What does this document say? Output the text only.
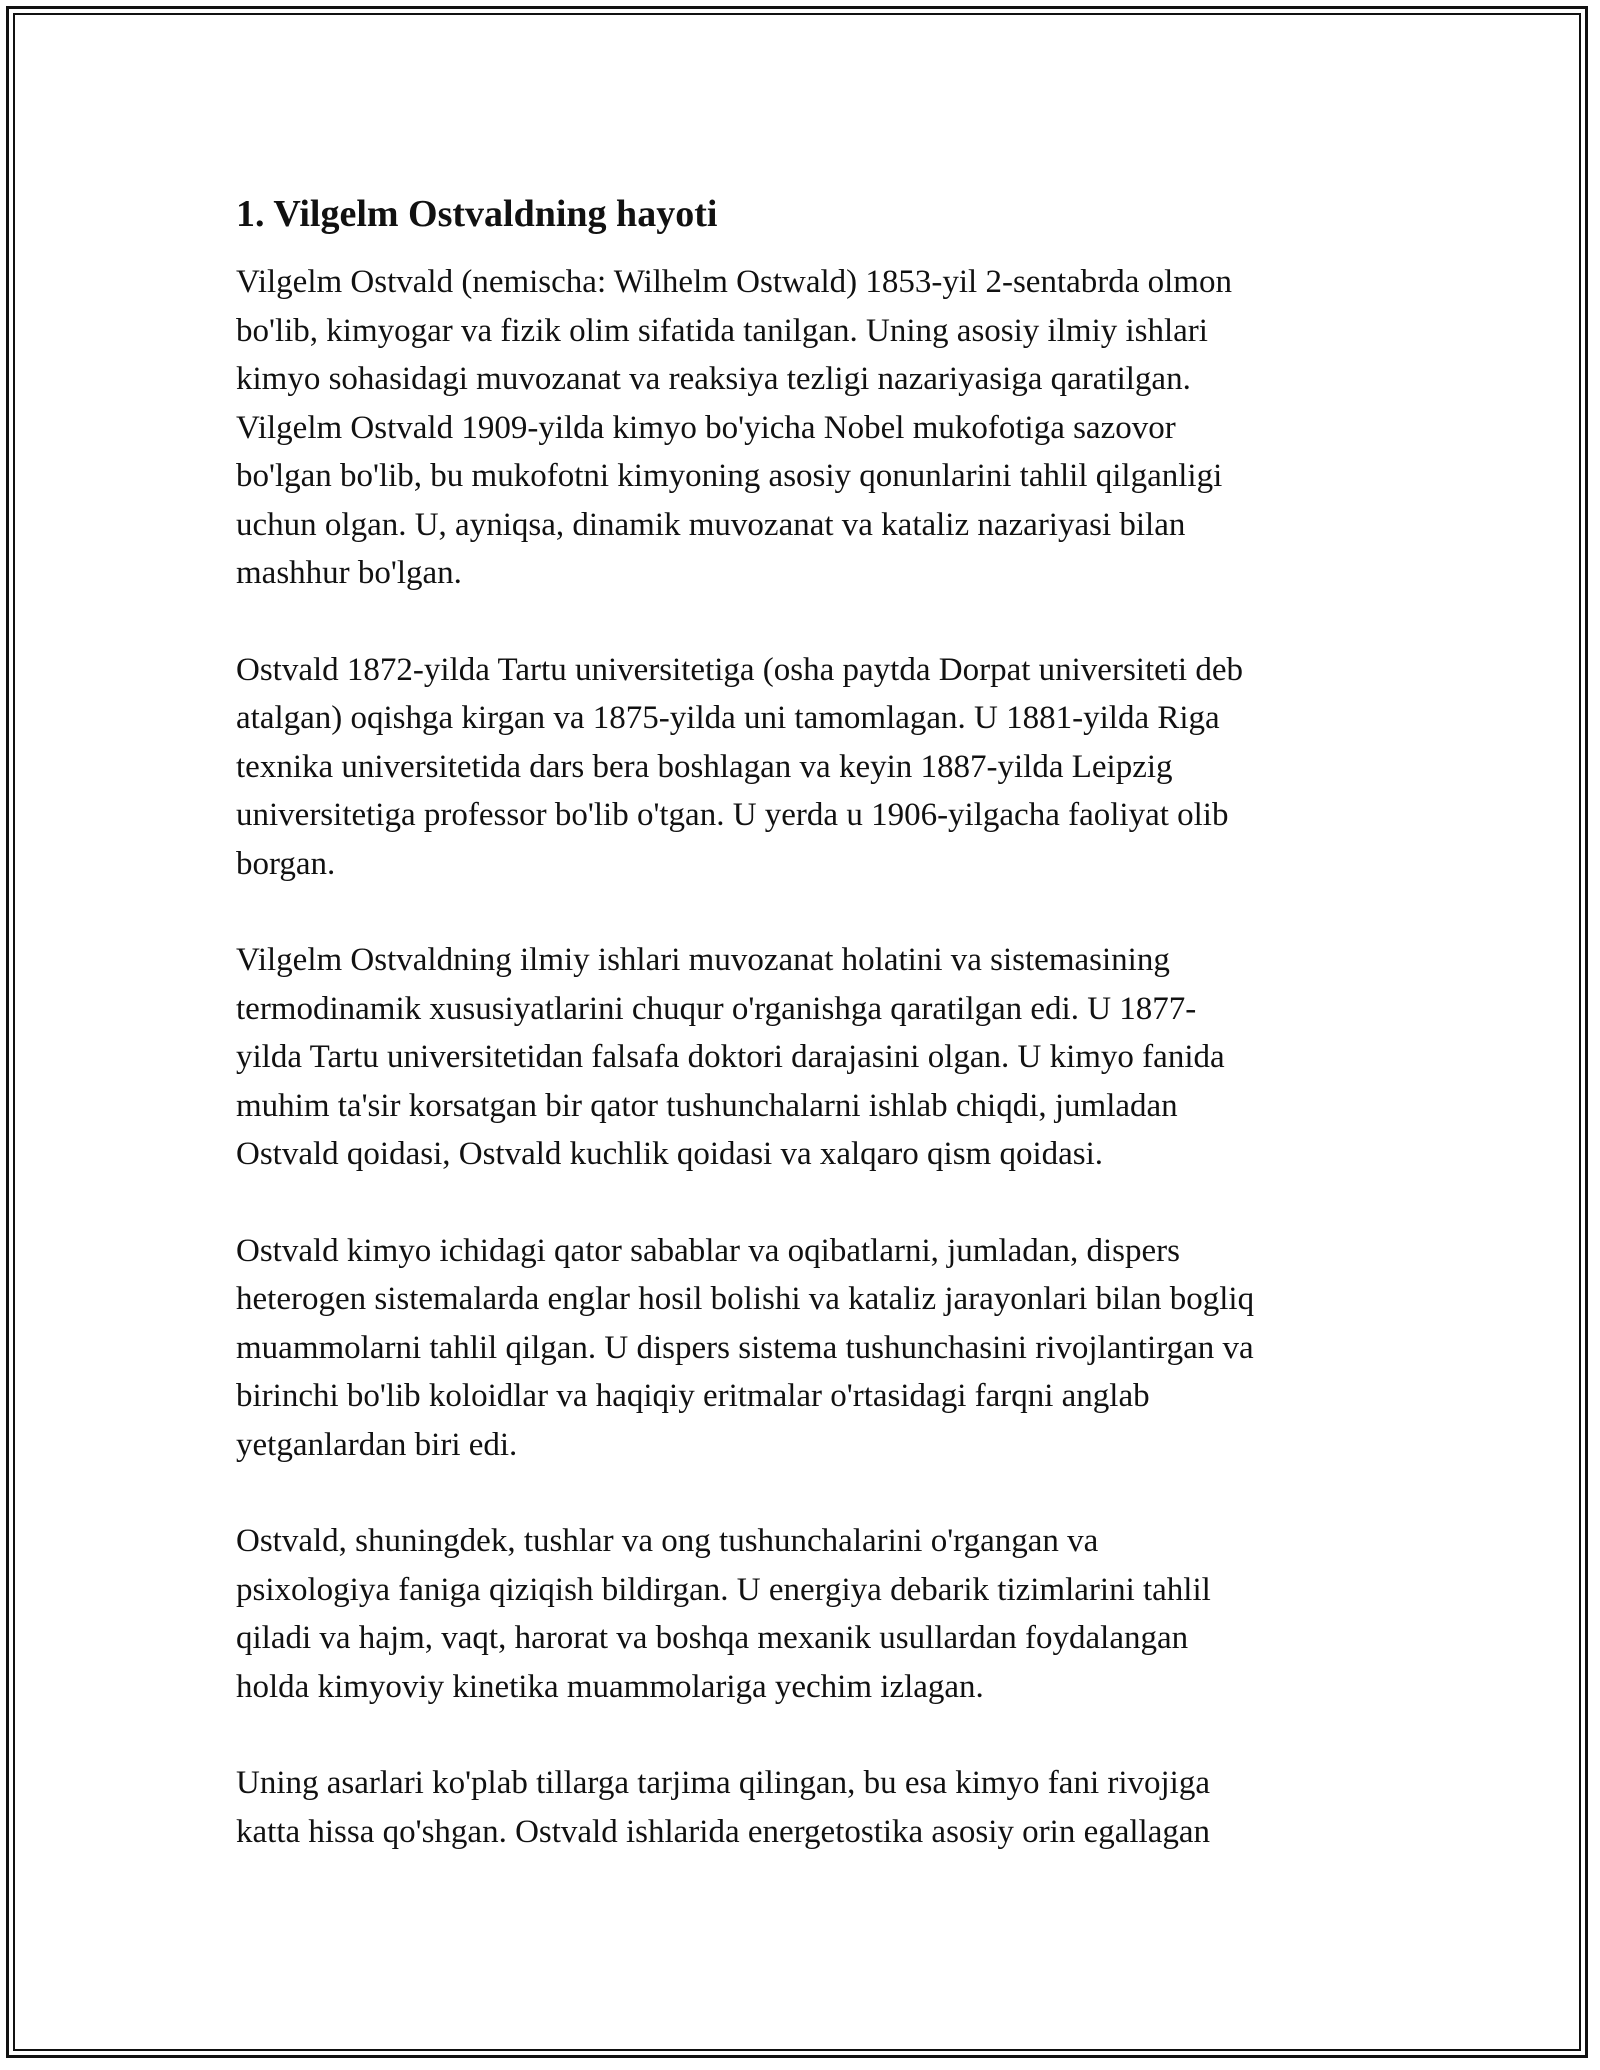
1. Vilgelm Ostvaldning hayoti

Vilgelm Ostvald (nemischa: Wilhelm Ostwald) 1853-yil 2-sentabrda olmon
bo'lib, kimyogar va fizik olim sifatida tanilgan. Uning asosiy ilmiy ishlari
kimyo sohasidagi muvozanat va reaksiya tezligi nazariyasiga qaratilgan.
Vilgelm Ostvald 1909-yilda kimyo bo'yicha Nobel mukofotiga sazovor
bo'lgan bo'lib, bu mukofotni kimyoning asosiy qonunlarini tahlil qilganligi
uchun olgan. U, ayniqsa, dinamik muvozanat va kataliz nazariyasi bilan
mashhur bo'lgan.

Ostvald 1872-yilda Tartu universitetiga (osha paytda Dorpat universiteti deb
atalgan) oqishga kirgan va 1875-yilda uni tamomlagan. U 1881-yilda Riga
texnika universitetida dars bera boshlagan va keyin 1887-yilda Leipzig
universitetiga professor bo'lib o'tgan. U yerda u 1906-yilgacha faoliyat olib
borgan.

Vilgelm Ostvaldning ilmiy ishlari muvozanat holatini va sistemasining
termodinamik xususiyatlarini chuqur o'rganishga qaratilgan edi. U 1877-
yilda Tartu universitetidan falsafa doktori darajasini olgan. U kimyo fanida
muhim ta'sir korsatgan bir qator tushunchalarni ishlab chiqdi, jumladan
Ostvald qoidasi, Ostvald kuchlik qoidasi va xalqaro qism qoidasi.

Ostvald kimyo ichidagi qator sabablar va oqibatlarni, jumladan, dispers
heterogen sistemalarda englar hosil bolishi va kataliz jarayonlari bilan bogliq
muammolarni tahlil qilgan. U dispers sistema tushunchasini rivojlantirgan va
birinchi bo'lib koloidlar va haqiqiy eritmalar o'rtasidagi farqni anglab
yetganlardan biri edi.

Ostvald, shuningdek, tushlar va ong tushunchalarini o'rgangan va
psixologiya faniga qiziqish bildirgan. U energiya debarik tizimlarini tahlil
qiladi va hajm, vaqt, harorat va boshqa mexanik usullardan foydalangan
holda kimyoviy kinetika muammolariga yechim izlagan.

Uning asarlari ko'plab tillarga tarjima qilingan, bu esa kimyo fani rivojiga
katta hissa qo'shgan. Ostvald ishlarida energetostika asosiy orin egallagan
